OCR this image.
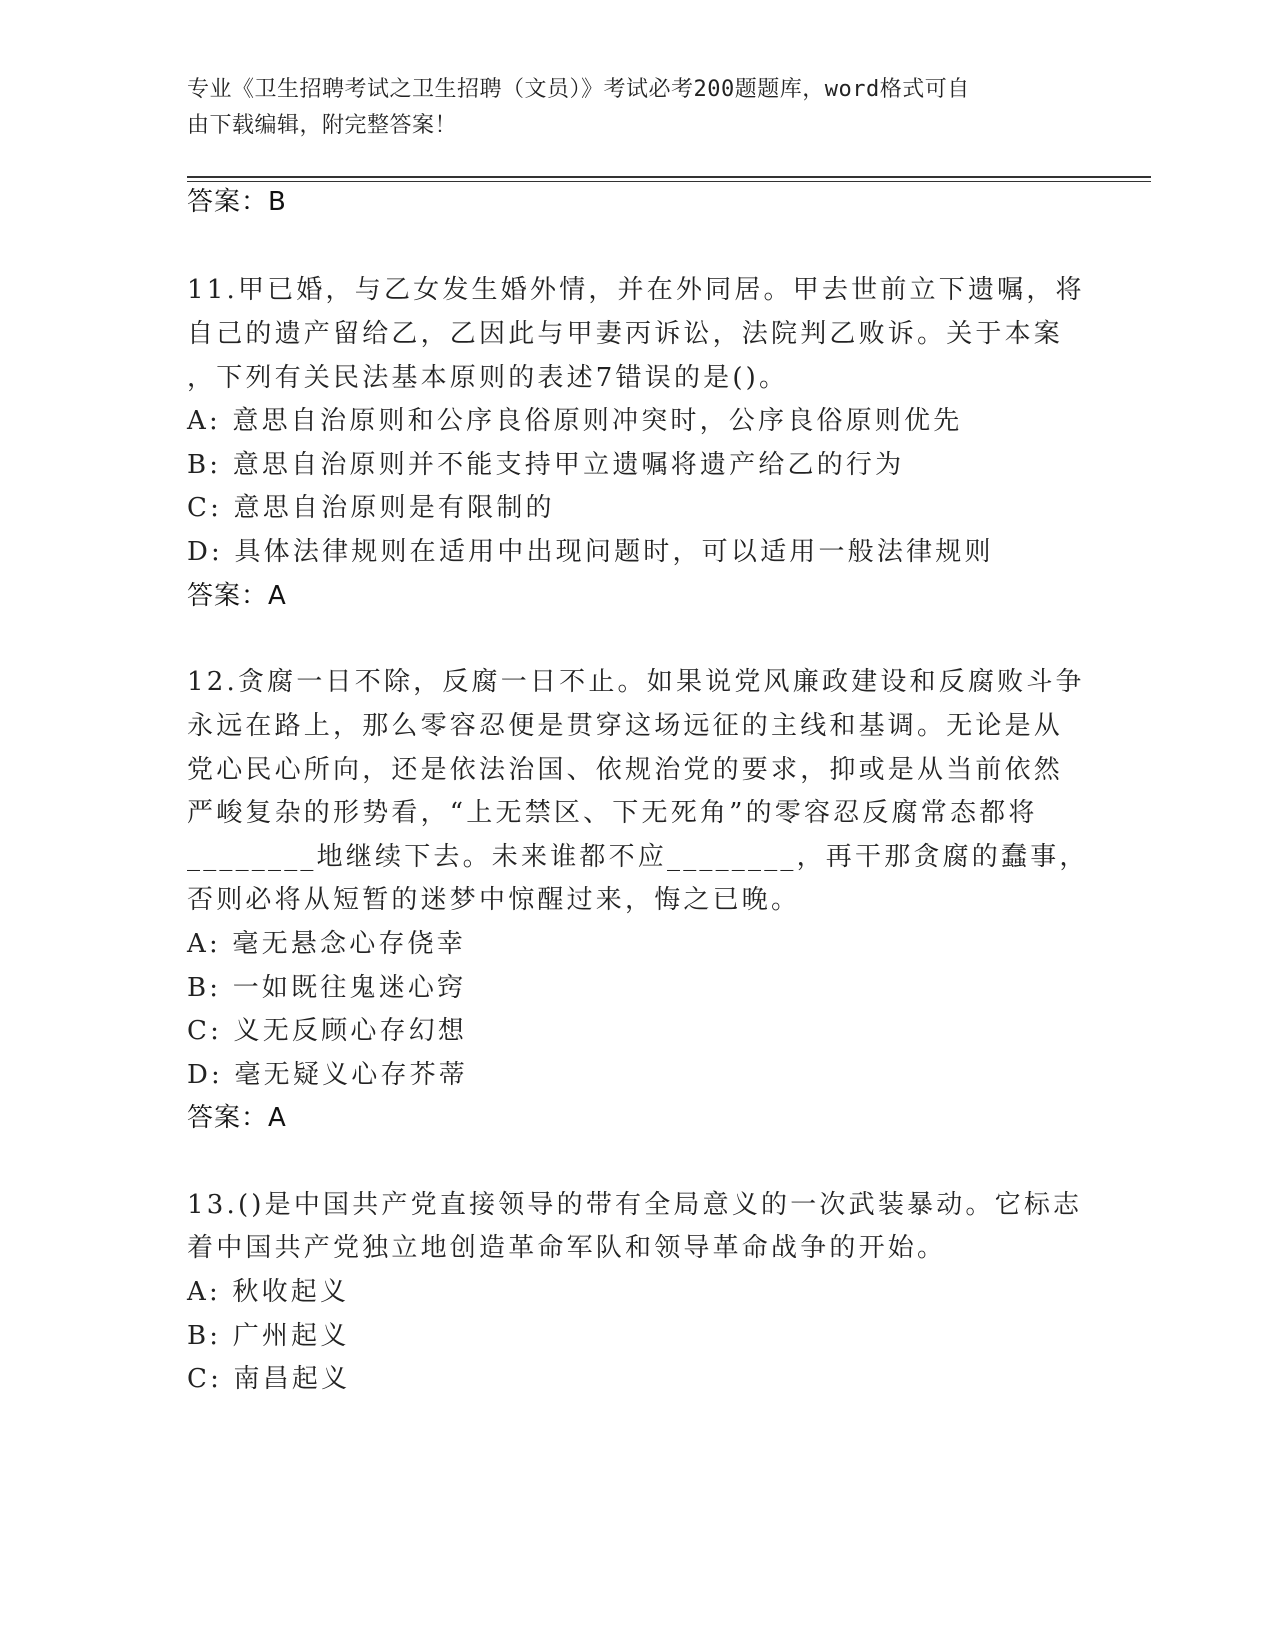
专业《卫生招聘考试之卫生招聘（文员）》考试必考200题题库，word格式可自
由下载编辑，附完整答案！
答案：B
11.甲已婚，与乙女发生婚外情，并在外同居。甲去世前立下遗嘱，将
自己的遗产留给乙，乙因此与甲妻丙诉讼，法院判乙败诉。关于本案
，下列有关民法基本原则的表述7错误的是()。
A: 意思自治原则和公序良俗原则冲突时，公序良俗原则优先
B: 意思自治原则并不能支持甲立遗嘱将遗产给乙的行为
C: 意思自治原则是有限制的
D: 具体法律规则在适用中出现问题时，可以适用一般法律规则
答案：A
12.贪腐一日不除，反腐一日不止。如果说党风廉政建设和反腐败斗争
永远在路上，那么零容忍便是贯穿这场远征的主线和基调。无论是从
党心民心所向，还是依法治国、依规治党的要求，抑或是从当前依然
严峻复杂的形势看，“上无禁区、下无死角”的零容忍反腐常态都将
________地继续下去。未来谁都不应________，再干那贪腐的蠢事，
否则必将从短暂的迷梦中惊醒过来，悔之已晚。
A: 毫无悬念心存侥幸
B: 一如既往鬼迷心窍
C: 义无反顾心存幻想
D: 毫无疑义心存芥蒂
答案：A
13.()是中国共产党直接领导的带有全局意义的一次武装暴动。它标志
着中国共产党独立地创造革命军队和领导革命战争的开始。
A: 秋收起义
B: 广州起义
C: 南昌起义
